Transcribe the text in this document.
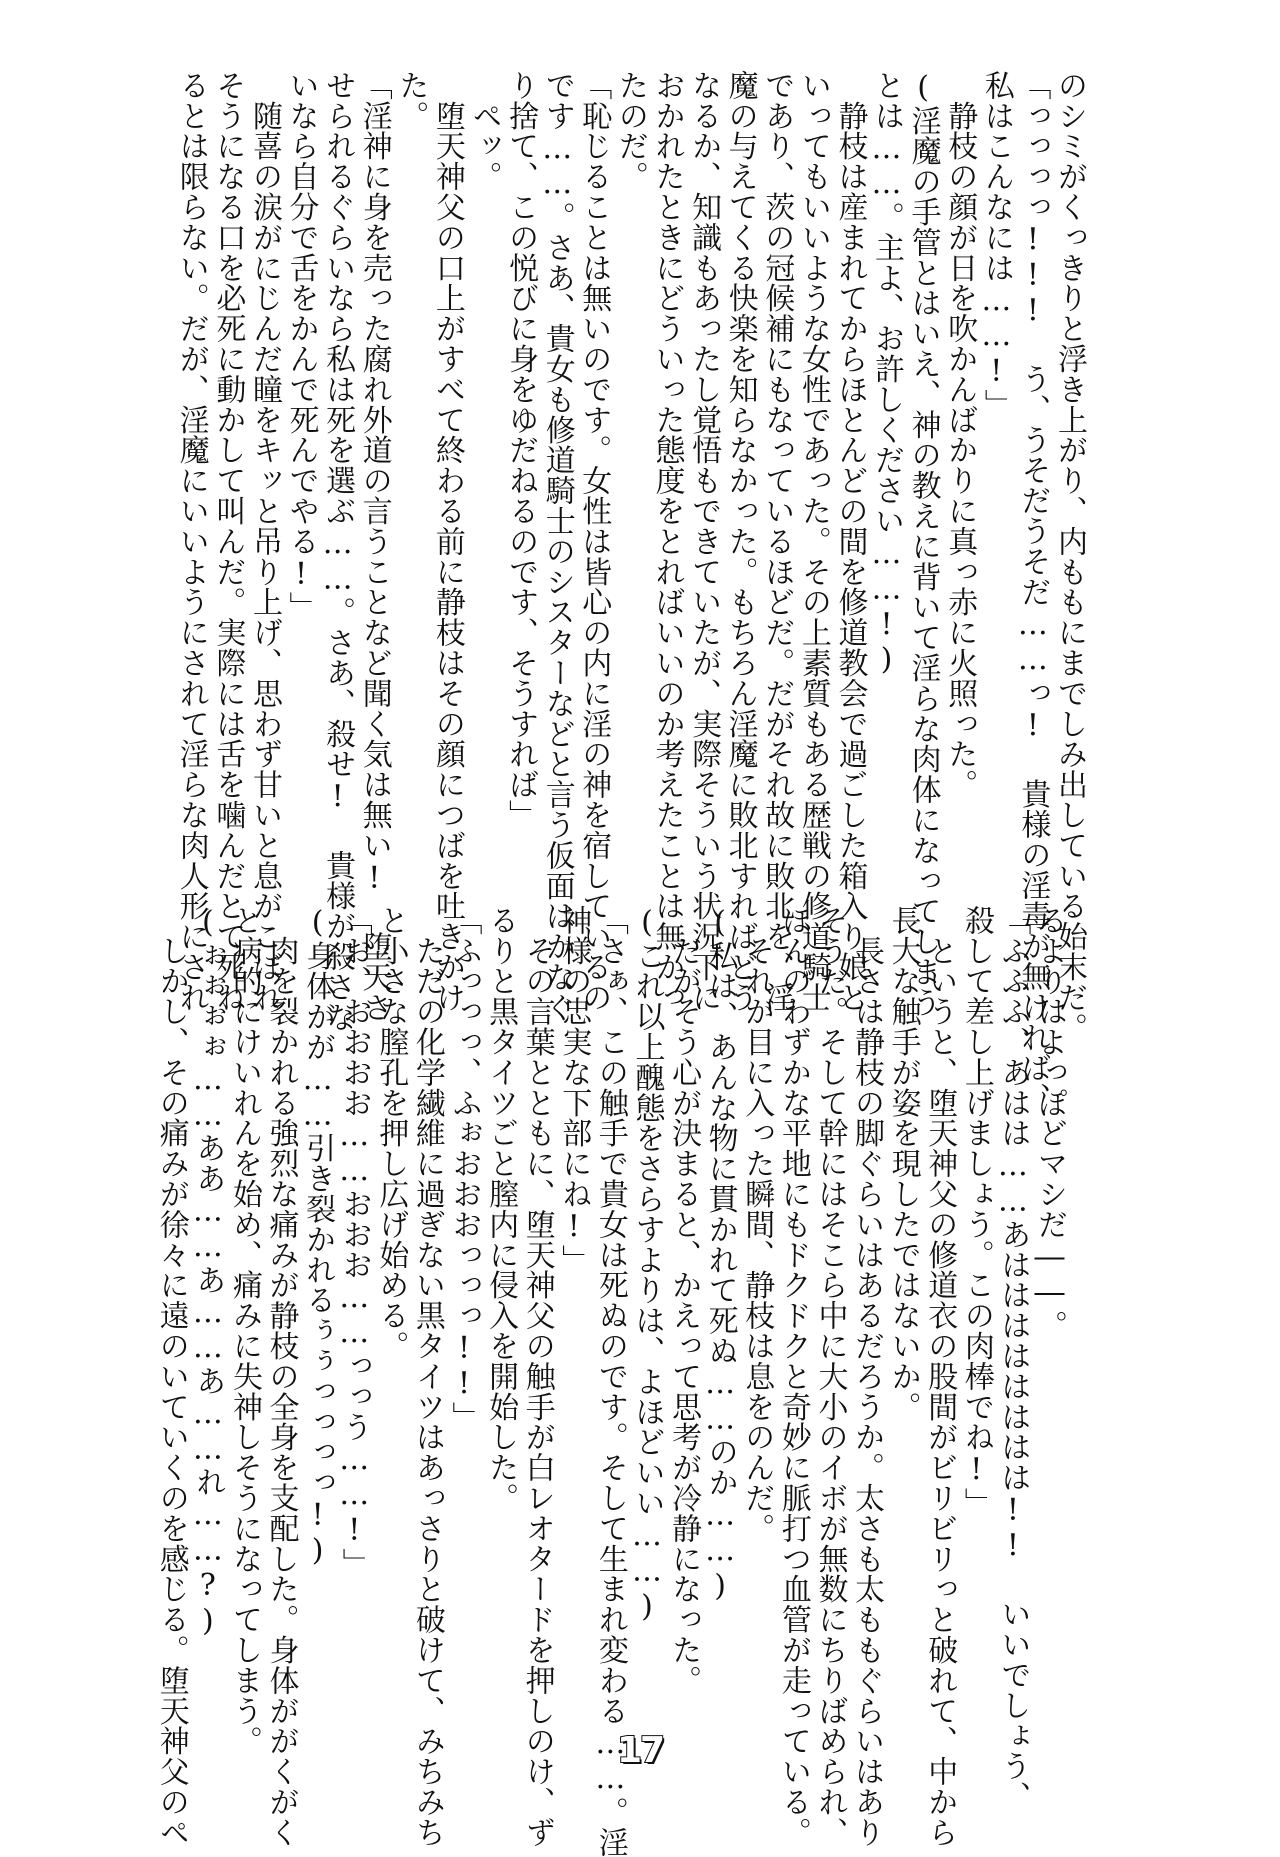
のシミがくっきりと浮き上がり、内ももにまでしみ出している始末だ。
「っっっっ!!! う、うそだうそだ……っ! 貴様の淫毒が無ければ、
私はこんなには……!」
　静枝の顔が日を吹かんばかりに真っ赤に火照った。
(淫魔の手管とはいえ、神の教えに背いて淫らな肉体になってしまう
とは……。主よ、お許しください……!)
　静枝は産まれてからほとんどの間を修道教会で過ごした箱入り娘と
いってもいいような女性であった。その上素質もある歴戦の修道騎士
であり、茨の冠候補にもなっているほどだ。だがそれ故に敗北を、淫
魔の与えてくる快楽を知らなかった。もちろん淫魔に敗北すればどう
なるか、知識もあったし覚悟もできていたが、実際そういう状況下に
おかれたときにどういった態度をとればいいのか考えたことは無かっ
たのだ。
「恥じることは無いのです。女性は皆心の内に淫の神を宿しているの
です……。さあ、貴女も修道騎士のシスターなどと言う仮面はかなぐ
り捨て、この悦びに身をゆだねるのです、そうすれば」
　ペッ。
　堕天神父の口上がすべて終わる前に静枝はその顔につばを吐きかけ
た。
「淫神に身を売った腐れ外道の言うことなど聞く気は無い! 堕天さ
せられるぐらいなら私は死を選ぶ……。さあ、殺せ! 貴様が殺さな
いなら自分で舌をかんで死んでやる!」
　随喜の涙がにじんだ瞳をキッと吊り上げ、思わず甘いと息がこぼれ
そうになる口を必死に動かして叫んだ。実際には舌を噛んだとて死ね
るとは限らない。だが、淫魔にいいようにされて淫らな肉人形にされ
るよりはよっぽどマシだ――。
「ふふふ、あはは……あはははははははは!! いいでしょう、
殺して差し上げましょう。この肉棒でね!」
　というと、堕天神父の修道衣の股間がビリビリっと破れて、中から
長大な触手が姿を現したではないか。
　長さは静枝の脚ぐらいはあるだろうか。太さも太ももぐらいはあり
そうだ。そして幹にはそこら中に大小のイボが無数にちりばめられ、
ほんのわずかな平地にもドクドクと奇妙に脈打つ血管が走っている。
　それが目に入った瞬間、静枝は息をのんだ。
(私は、あんな物に貫かれて死ぬ……のか……)
　だがそう心が決まると、かえって思考が冷静になった。
(これ以上醜態をさらすよりは、よほどいい……)
「さぁ、この触手で貴女は死ぬのです。そして生まれ変わる……。淫
神様の忠実な下部にね!」
　その言葉とともに、堕天神父の触手が白レオタードを押しのけ、ず
るりと黒タイツごと膣内に侵入を開始した。
「ふっっっ、ふぉおおおっっっ!!」
　ただの化学繊維に過ぎない黒タイツはあっさりと破けて、みちみち
と小さな膣孔を押し広げ始める。
「お、おおおお……おおお……っっう……!」
(身体がが……引き裂かれるぅぅっっっっ!)
　肉を裂かれる強烈な痛みが静枝の全身を支配した。身体ががくがく
と病的にけいれんを始め、痛みに失神しそうになってしまう。
(ぉぉぉぉ……ああ……あ……あ……れ……?)
　しかし、その痛みが徐々に遠のいていくのを感じる。堕天神父のペ	17
